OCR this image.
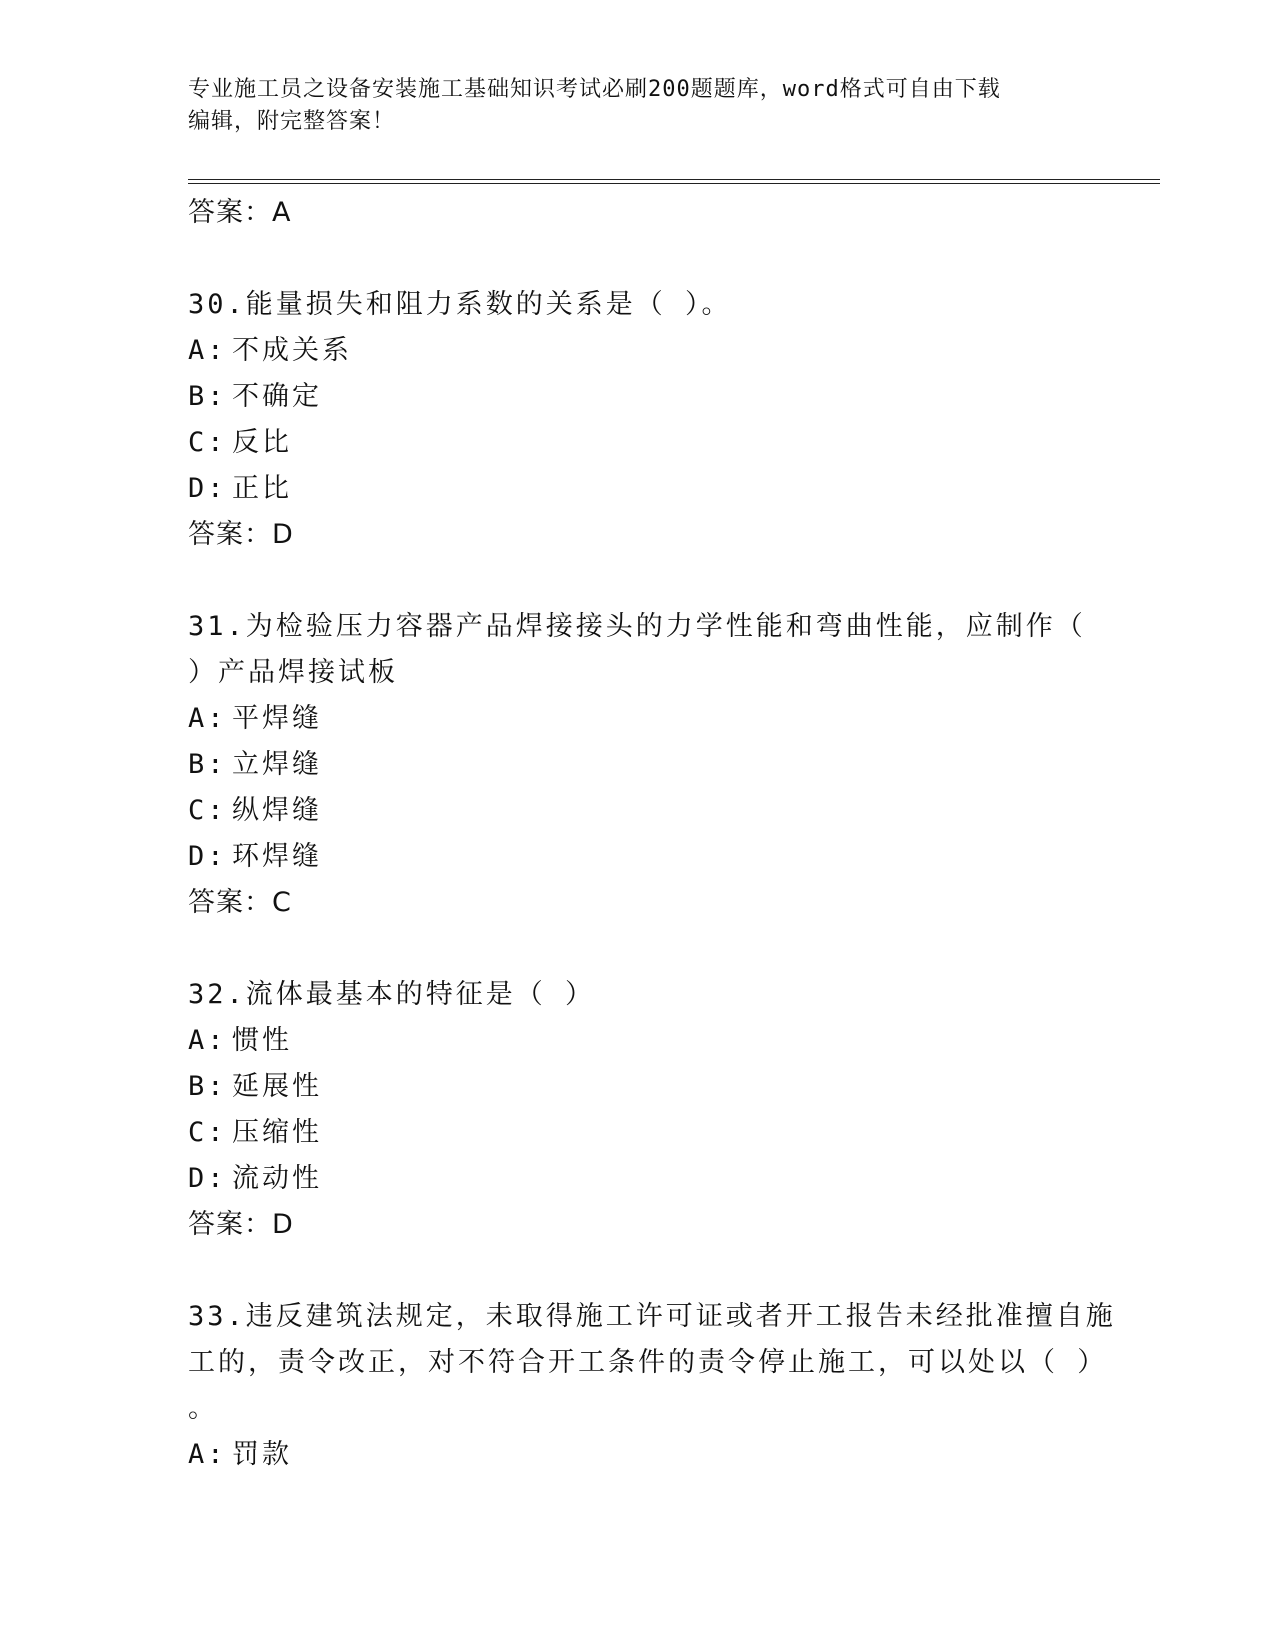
专业施工员之设备安装施工基础知识考试必刷200题题库，word格式可自由下载
编辑，附完整答案！
答案：A
30.能量损失和阻力系数的关系是（ ）。
A: 不成关系
B: 不确定
C: 反比
D: 正比
答案：D
31.为检验压力容器产品焊接接头的力学性能和弯曲性能，应制作（
）产品焊接试板
A: 平焊缝
B: 立焊缝
C: 纵焊缝
D: 环焊缝
答案：C
32.流体最基本的特征是（ ）
A: 惯性
B: 延展性
C: 压缩性
D: 流动性
答案：D
33.违反建筑法规定，未取得施工许可证或者开工报告未经批准擅自施
工的，责令改正，对不符合开工条件的责令停止施工，可以处以（ ）
。
A: 罚款
